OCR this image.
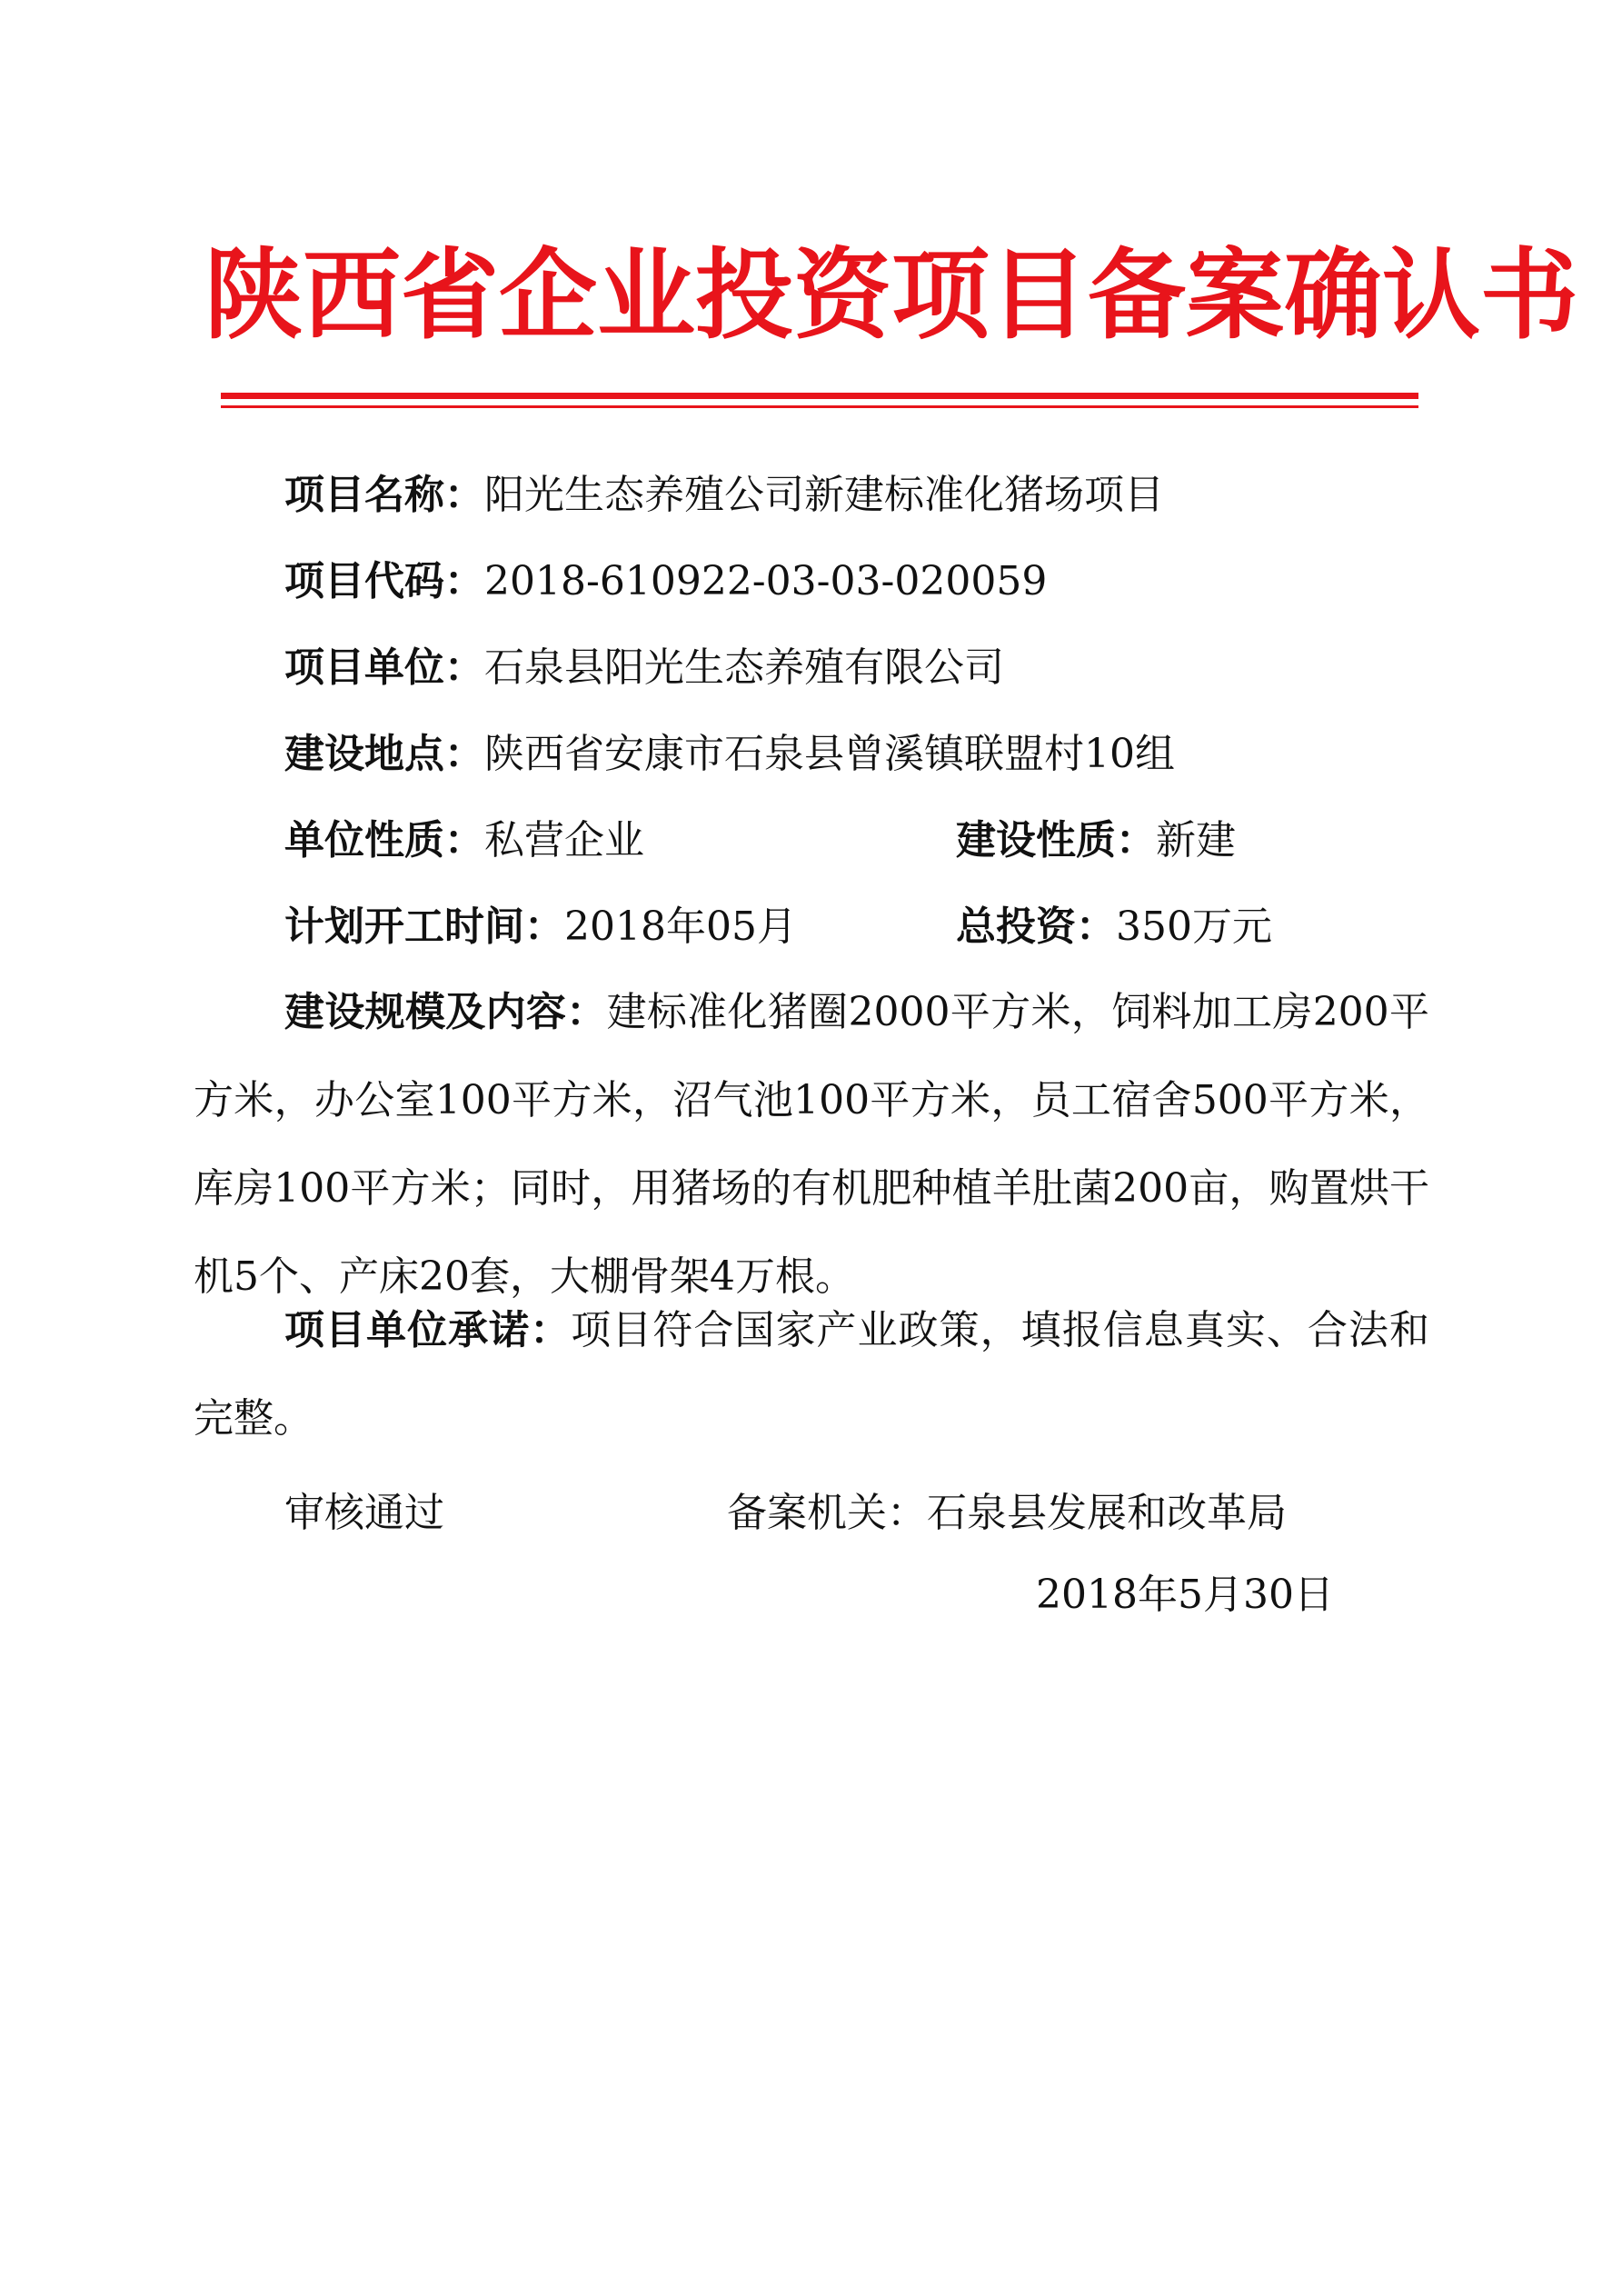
陕西省企业投资项目备案确认书
项目名称：阳光生态养殖公司新建标准化猪场项目
项目代码：2018-610922-03-03-020059
项目单位：石泉县阳光生态养殖有限公司
建设地点：陕西省安康市石泉县曾溪镇联盟村10组
单位性质：私营企业	建设性质：新建
计划开工时间：2018年05月	总投资：350万元
建设规模及内容：建标准化猪圈2000平方米，饲料加工房200平方米，办公室100平方米，沼气池100平方米，员工宿舍500平方米，库房100平方米；同时，用猪场的有机肥种植羊肚菌200亩，购置烘干机5个、产床20套，大棚骨架4万根。
项目单位承诺：项目符合国家产业政策，填报信息真实、合法和完整。
审核通过	备案机关：石泉县发展和改革局
2018年5月30日
